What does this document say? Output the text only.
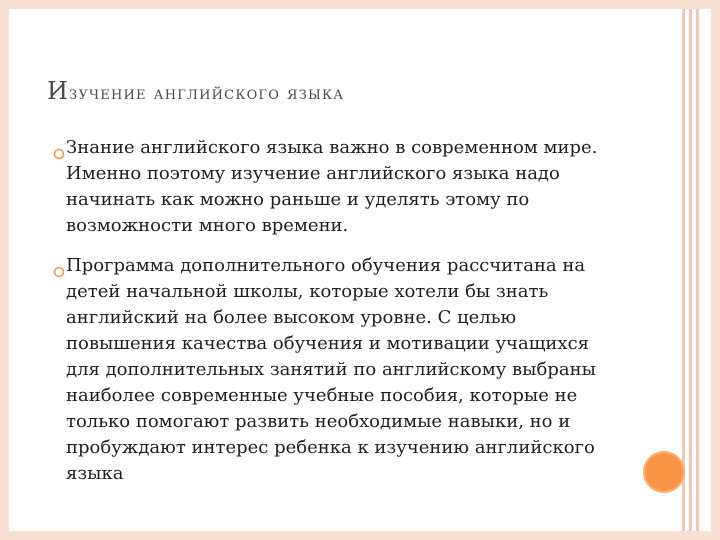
Изучение английского языка
Знание английского языка важно в современном мире. Именно поэтому изучение английского языка надо начинать как можно раньше и уделять этому по возможности много времени.
Программа дополнительного обучения рассчитана на детей начальной школы, которые хотели бы знать английский на более высоком уровне. С целью повышения качества обучения и мотивации учащихся для дополнительных занятий по английскому выбраны наиболее современные учебные пособия, которые не только помогают развить необходимые навыки, но и пробуждают интерес ребенка к изучению английского языка
